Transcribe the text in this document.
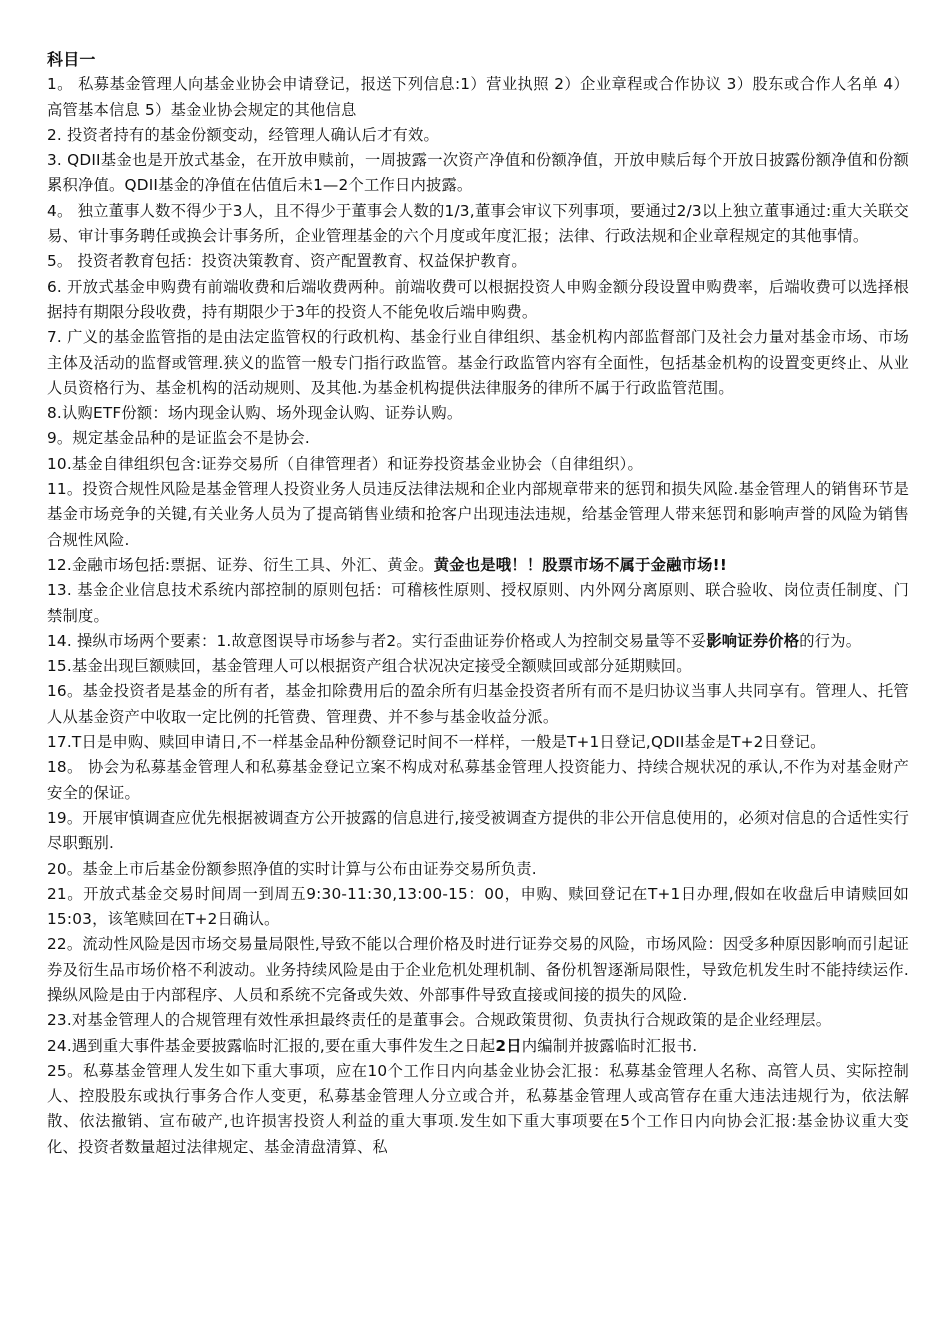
科目一

1。 私募基金管理人向基金业协会申请登记，报送下列信息:1）营业执照 2）企业章程或合作协议 3）股东或合作人名单 4）高管基本信息 5）基金业协会规定的其他信息

2. 投资者持有的基金份额变动，经管理人确认后才有效。

3. QDII基金也是开放式基金，在开放申赎前，一周披露一次资产净值和份额净值，开放申赎后每个开放日披露份额净值和份额累积净值。QDII基金的净值在估值后未1—2个工作日内披露。

4。 独立董事人数不得少于3人，且不得少于董事会人数的1/3,董事会审议下列事项，要通过2/3以上独立董事通过:重大关联交易、审计事务聘任或换会计事务所，企业管理基金的六个月度或年度汇报；法律、行政法规和企业章程规定的其他事情。

5。 投资者教育包括：投资决策教育、资产配置教育、权益保护教育。

6. 开放式基金申购费有前端收费和后端收费两种。前端收费可以根据投资人申购金额分段设置申购费率，后端收费可以选择根据持有期限分段收费，持有期限少于3年的投资人不能免收后端申购费。

7. 广义的基金监管指的是由法定监管权的行政机构、基金行业自律组织、基金机构内部监督部门及社会力量对基金市场、市场主体及活动的监督或管理.狭义的监管一般专门指行政监管。基金行政监管内容有全面性，包括基金机构的设置变更终止、从业人员资格行为、基金机构的活动规则、及其他.为基金机构提供法律服务的律所不属于行政监管范围。

8.认购ETF份额：场内现金认购、场外现金认购、证券认购。

9。规定基金品种的是证监会不是协会.

10.基金自律组织包含:证券交易所（自律管理者）和证券投资基金业协会（自律组织）。

11。投资合规性风险是基金管理人投资业务人员违反法律法规和企业内部规章带来的惩罚和损失风险.基金管理人的销售环节是基金市场竞争的关键,有关业务人员为了提高销售业绩和抢客户出现违法违规，给基金管理人带来惩罚和影响声誉的风险为销售合规性风险.

12.金融市场包括:票据、证券、衍生工具、外汇、黄金。黄金也是哦！！股票市场不属于金融市场!!

13. 基金企业信息技术系统内部控制的原则包括：可稽核性原则、授权原则、内外网分离原则、联合验收、岗位责任制度、门禁制度。

14. 操纵市场两个要素：1.故意图误导市场参与者2。实行歪曲证券价格或人为控制交易量等不妥影响证券价格的行为。

15.基金出现巨额赎回，基金管理人可以根据资产组合状况决定接受全额赎回或部分延期赎回。

16。基金投资者是基金的所有者，基金扣除费用后的盈余所有归基金投资者所有而不是归协议当事人共同享有。管理人、托管人从基金资产中收取一定比例的托管费、管理费、并不参与基金收益分派。

17.T日是申购、赎回申请日,不一样基金品种份额登记时间不一样样，一般是T+1日登记,QDII基金是T+2日登记。

18。 协会为私募基金管理人和私募基金登记立案不构成对私募基金管理人投资能力、持续合规状况的承认,不作为对基金财产安全的保证。

19。开展审慎调查应优先根据被调查方公开披露的信息进行,接受被调查方提供的非公开信息使用的，必须对信息的合适性实行尽职甄别.

20。基金上市后基金份额参照净值的实时计算与公布由证券交易所负责.

21。开放式基金交易时间周一到周五9:30-11:30,13:00-15：00，申购、赎回登记在T+1日办理,假如在收盘后申请赎回如15:03，该笔赎回在T+2日确认。

22。流动性风险是因市场交易量局限性,导致不能以合理价格及时进行证券交易的风险，市场风险：因受多种原因影响而引起证券及衍生品市场价格不利波动。业务持续风险是由于企业危机处理机制、备份机智逐渐局限性，导致危机发生时不能持续运作.操纵风险是由于内部程序、人员和系统不完备或失效、外部事件导致直接或间接的损失的风险.

23.对基金管理人的合规管理有效性承担最终责任的是董事会。合规政策贯彻、负责执行合规政策的是企业经理层。

24.遇到重大事件基金要披露临时汇报的,要在重大事件发生之日起2日内编制并披露临时汇报书.

25。私募基金管理人发生如下重大事项，应在10个工作日内向基金业协会汇报：私募基金管理人名称、高管人员、实际控制人、控股股东或执行事务合作人变更，私募基金管理人分立或合并，私募基金管理人或高管存在重大违法违规行为，依法解散、依法撤销、宣布破产,也许损害投资人利益的重大事项.发生如下重大事项要在5个工作日内向协会汇报:基金协议重大变化、投资者数量超过法律规定、基金清盘清算、私
